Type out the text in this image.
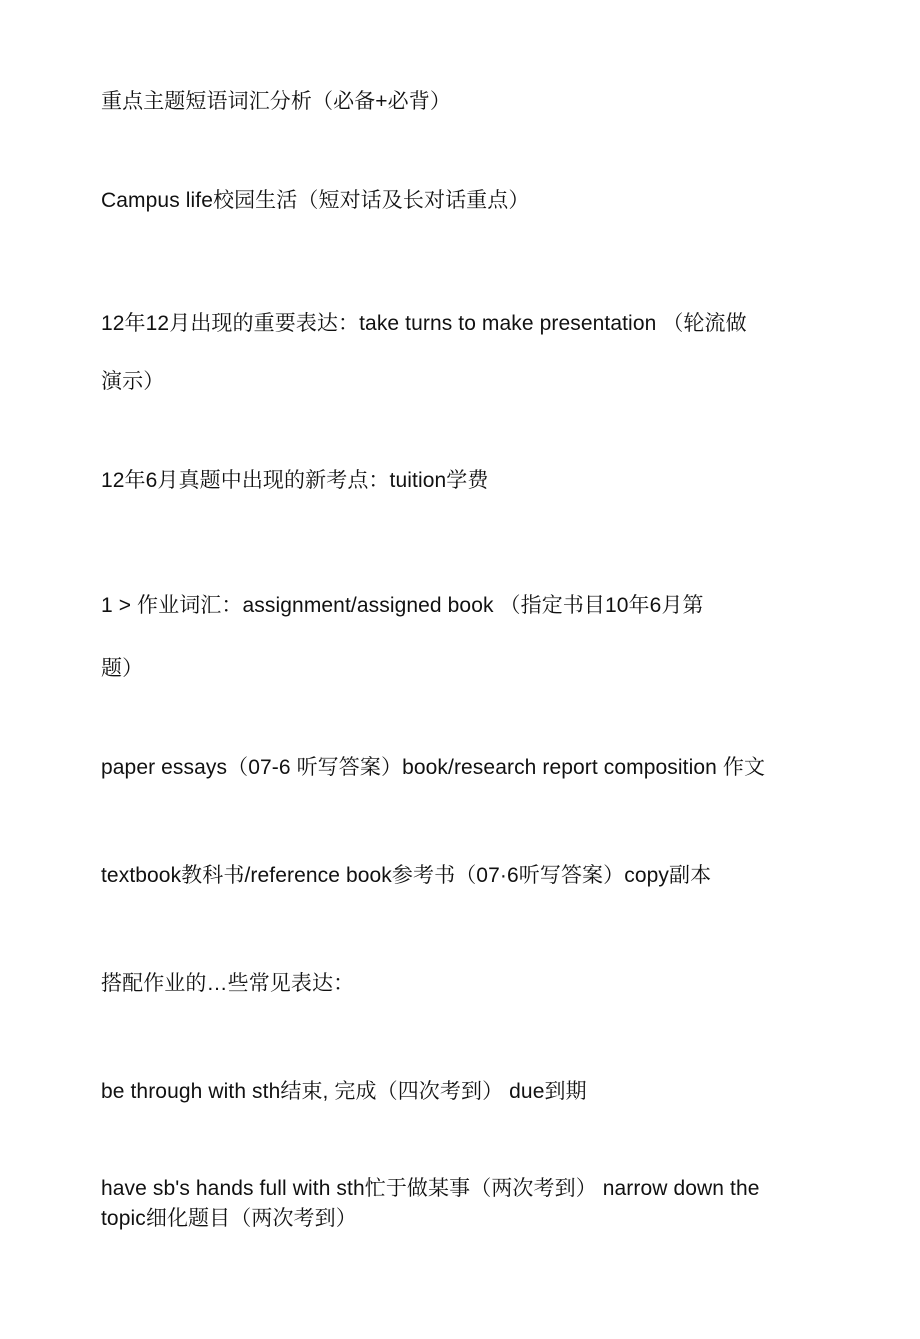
重点主题短语词汇分析（必备+必背）
Campus life校园生活（短对话及长对话重点）
12年12月出现的重要表达：take turns to make presentation （轮流做
演示）
12年6月真题中出现的新考点：tuition学费
1 > 作业词汇：assignment/assigned book （指定书目10年6月第
题）
paper essays（07-6 听写答案）book/research report composition 作文
textbook教科书/reference book参考书（07·6听写答案）copy副本
搭配作业的…些常见表达：
be through with sth结束, 完成（四次考到） due到期
have sb's hands full with sth忙于做某事（两次考到） narrow down the
topic细化题目（两次考到）
